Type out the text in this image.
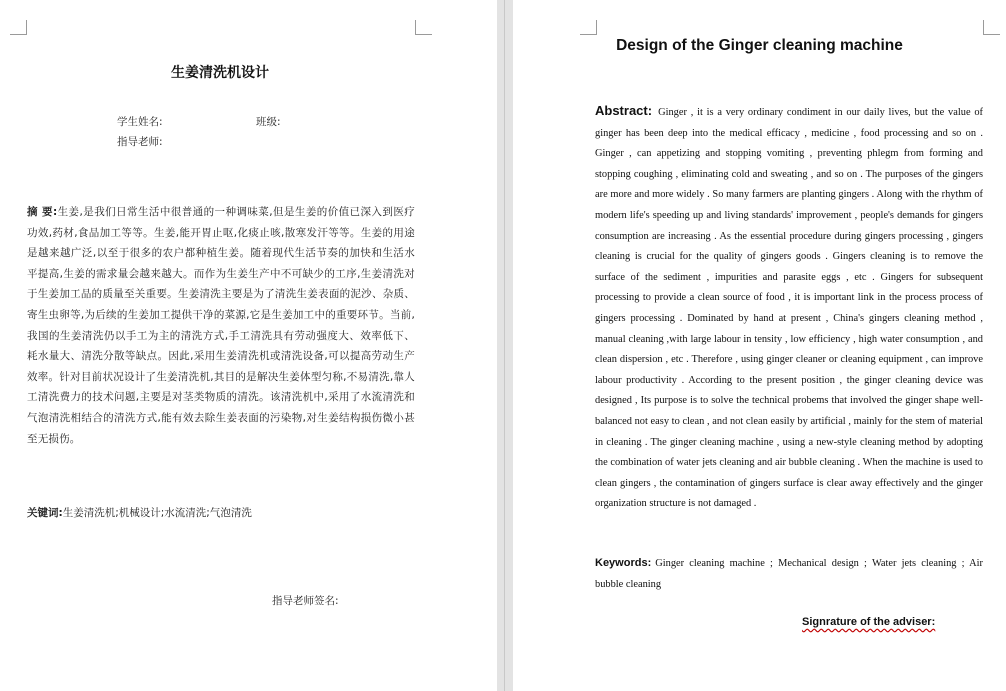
生姜清洗机设计
学生姓名:	班级:
指导老师:
摘 要:生姜,是我们日常生活中很普通的一种调味菜,但是生姜的价值已深入到医疗功效,药材,食品加工等等。生姜,能开胃止呕,化痰止咳,散寒发汗等等。生姜的用途是越来越广泛,以至于很多的农户都种植生姜。随着现代生活节奏的加快和生活水平提高,生姜的需求量会越来越大。而作为生姜生产中不可缺少的工序,生姜清洗对于生姜加工品的质量至关重要。生姜清洗主要是为了清洗生姜表面的泥沙、杂质、寄生虫卵等,为后续的生姜加工提供干净的菜源,它是生姜加工中的重要环节。当前,我国的生姜清洗仍以手工为主的清洗方式,手工清洗具有劳动强度大、效率低下、耗水量大、清洗分散等缺点。因此,采用生姜清洗机或清洗设备,可以提高劳动生产效率。针对目前状况设计了生姜清洗机,其目的是解决生姜体型匀称,不易清洗,靠人工清洗费力的技术问题,主要是对茎类物质的清洗。该清洗机中,采用了水流清洗和气泡清洗相结合的清洗方式,能有效去除生姜表面的污染物,对生姜结构损伤微小甚至无损伤。
关键词:生姜清洗机;机械设计;水流清洗;气泡清洗
指导老师签名:
Design of the Ginger cleaning machine
Abstract: Ginger , it is a very ordinary condiment in our daily lives, but the value of ginger has been deep into the medical efficacy , medicine , food processing and so on . Ginger , can appetizing and stopping vomiting , preventing phlegm from forming and stopping coughing , eliminating cold and sweating , and so on . The purposes of the gingers are more and more widely . So many farmers are planting gingers . Along with the rhythm of modern life's speeding up and living standards' improvement , people's demands for gingers consumption are increasing . As the essential procedure during gingers processing , gingers cleaning is crucial for the quality of gingers goods . Gingers cleaning is to remove the surface of the sediment , impurities and parasite eggs , etc . Gingers for subsequent processing to provide a clean source of food , it is important link in the process process of gingers processing . Dominated by hand at present , China's gingers cleaning method , manual cleaning ,with large labour in tensity , low efficiency , high water consumption , and clean dispersion , etc . Therefore , using ginger cleaner or cleaning equipment , can improve labour productivity . According to the present position , the ginger cleaning device was designed , Its purpose is to solve the technical probems that involved the ginger shape well-balanced not easy to clean , and not clean easily by artificial , mainly for the stem of material in cleaning . The ginger cleaning machine , using a new-style cleaning method by adopting the combination of water jets cleaning and air bubble cleaning . When the machine is used to clean gingers , the contamination of gingers surface is clear away effectively and the ginger organization structure is not damaged .
Keywords: Ginger cleaning machine ; Mechanical design ; Water jets cleaning ; Air bubble cleaning
Signrature of the adviser:
